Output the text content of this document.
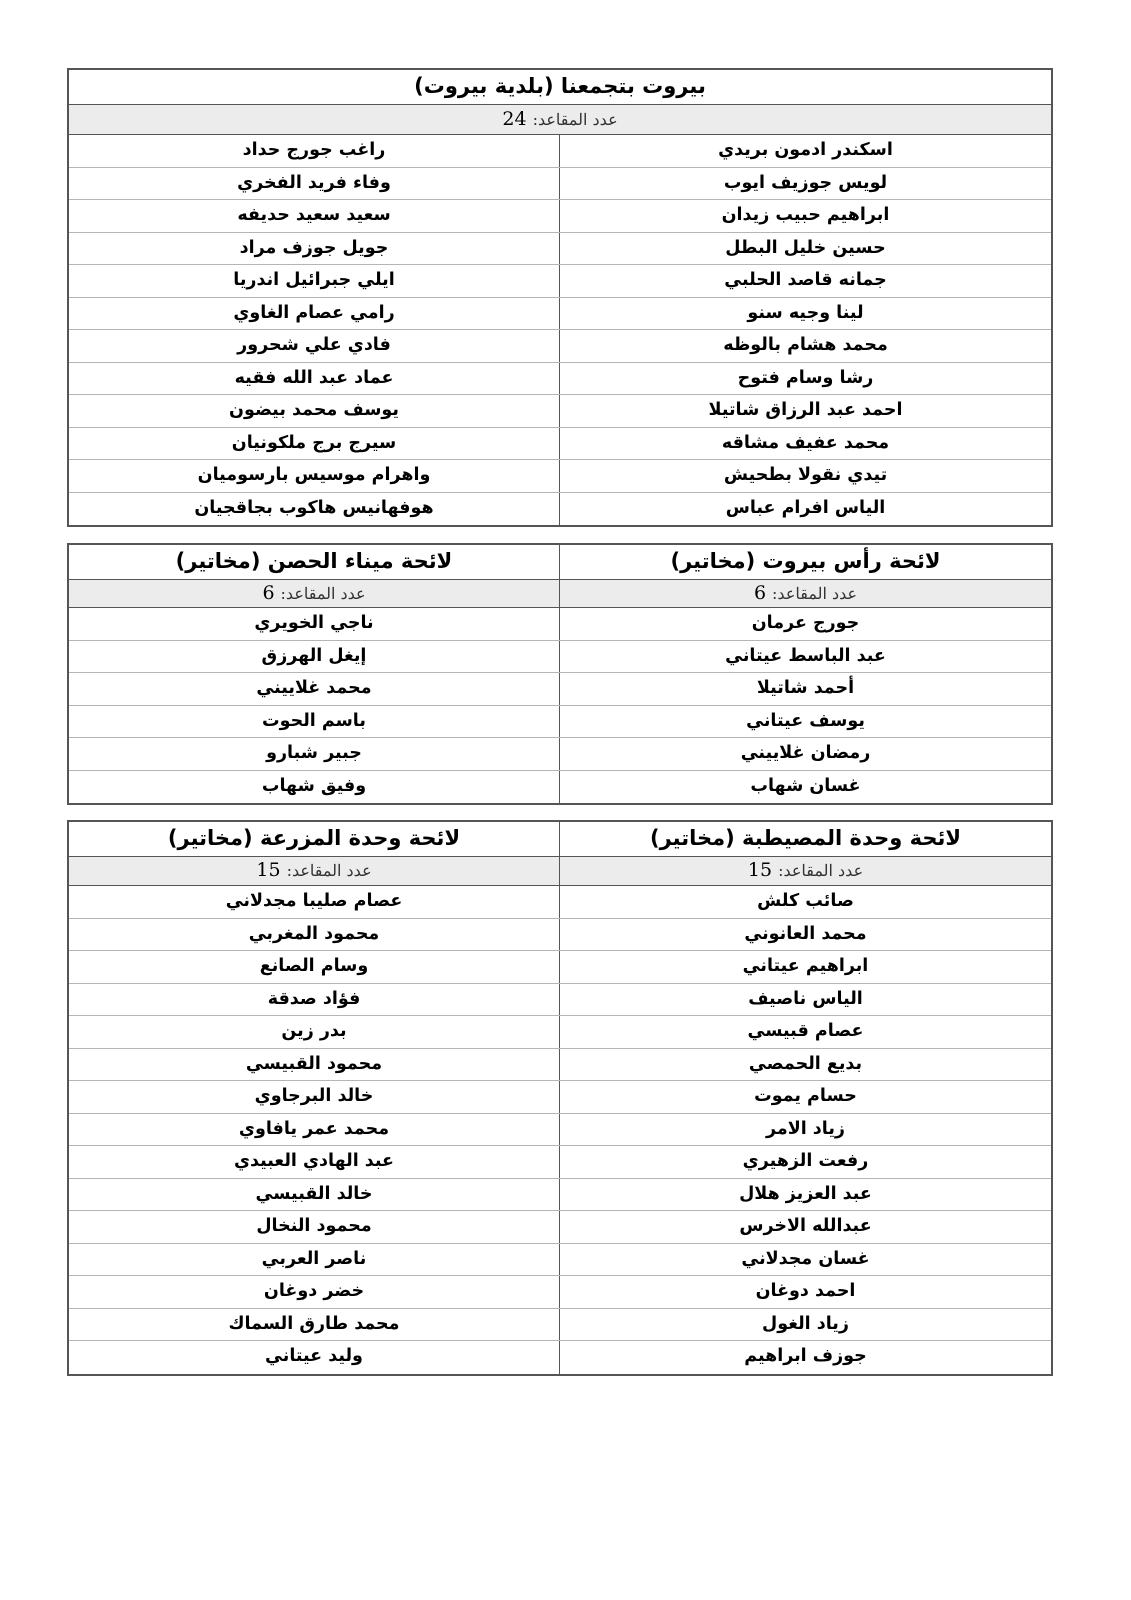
بيروت بتجمعنا (بلدية بيروت)
عدد المقاعد:24
اسكندر ادمون بريدي
راغب جورج حداد
لويس جوزيف ايوب
وفاء فريد الفخري
ابراهيم حبيب زيدان
سعيد سعيد حديفه
حسين خليل البطل
جويل جوزف مراد
جمانه قاصد الحلبي
ايلي جبرائيل اندريا
لينا وجيه سنو
رامي عصام الغاوي
محمد هشام بالوظه
فادي علي شحرور
رشا وسام فتوح
عماد عبد الله فقيه
احمد عبد الرزاق شاتيلا
يوسف محمد بيضون
محمد عفيف مشاقه
سيرج برج ملكونيان
تيدي نقولا بطحيش
واهرام موسيس بارسوميان
الياس افرام عباس
هوفهانيس هاكوب بجاقجيان
لائحة رأس بيروت (مخاتير)
لائحة ميناء الحصن (مخاتير)
عدد المقاعد:6
عدد المقاعد:6
جورج عرمان
ناجي الخويري
عبد الباسط عيتاني
إيغل الهرزق
أحمد شاتيلا
محمد غلاييني
يوسف عيتاني
باسم الحوت
رمضان غلاييني
جبير شبارو
غسان شهاب
وفيق شهاب
لائحة وحدة المصيطبة (مخاتير)
لائحة وحدة المزرعة (مخاتير)
عدد المقاعد:15
عدد المقاعد:15
صائب كلش
عصام صليبا مجدلاني
محمد العانوني
محمود المغربي
ابراهيم عيتاني
وسام الصانع
الياس ناصيف
فؤاد صدقة
عصام قبيسي
بدر زين
بديع الحمصي
محمود القبيسي
حسام يموت
خالد البرجاوي
زياد الامر
محمد عمر يافاوي
رفعت الزهيري
عبد الهادي العبيدي
عبد العزيز هلال
خالد القبيسي
عبدالله الاخرس
محمود النخال
غسان مجدلاني
ناصر العربي
احمد دوغان
خضر دوغان
زياد الغول
محمد طارق السماك
جوزف ابراهيم
وليد عيتاني
